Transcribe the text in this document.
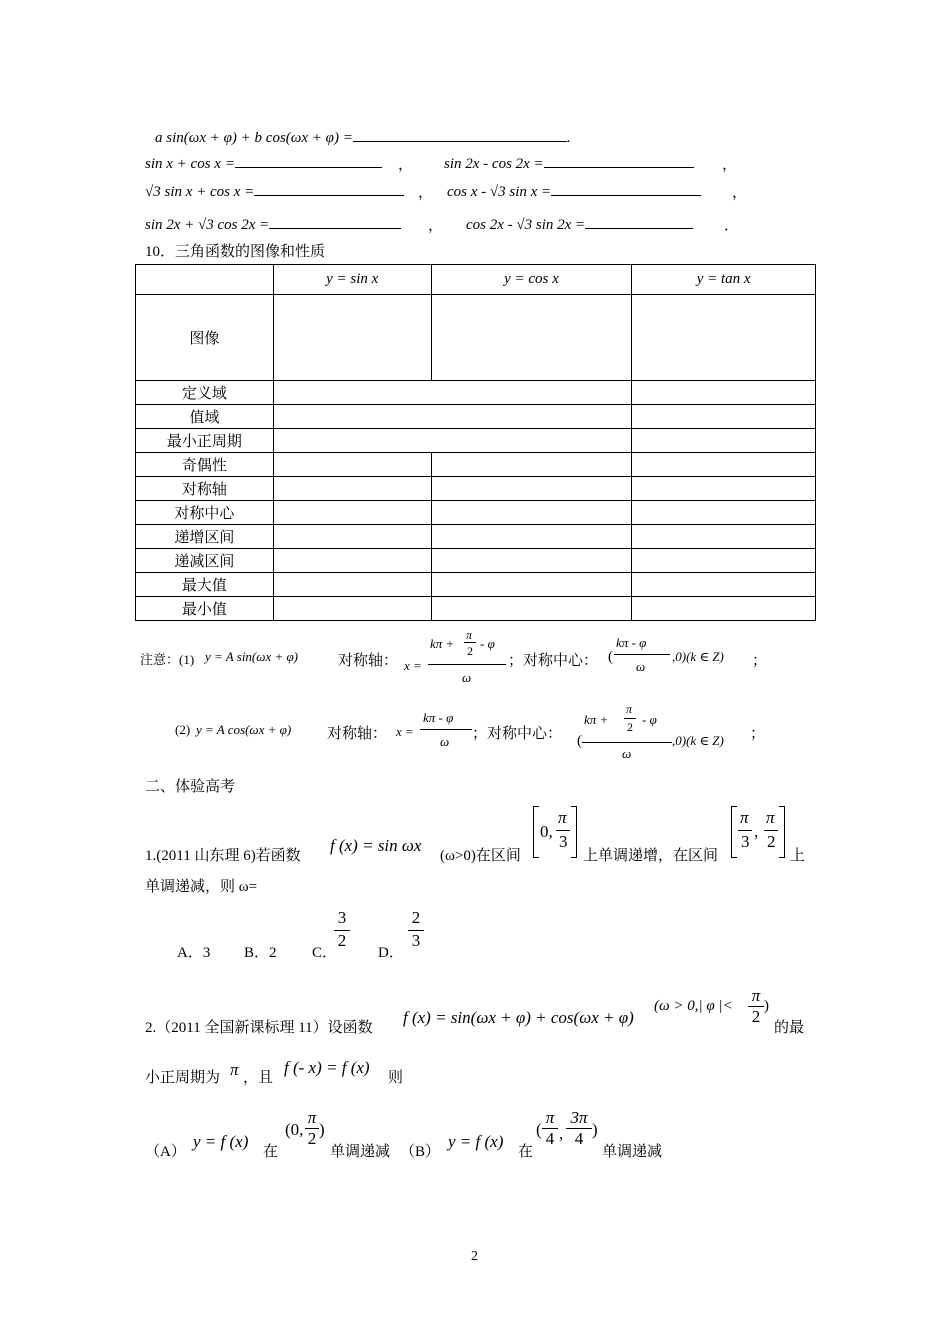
a sin(ωx + φ) + b cos(ωx + φ) =	.
sin x + cos x =	， sin 2x - cos 2x =	，
√3 sin x + cos x =	， cos x - √3 sin x =	，
sin 2x + √3 cos 2x =	， cos 2x - √3 sin 2x =	．
10．三角函数的图像和性质
	y = sin x	y = cos x	y = tan x
图像			
定义域			
值域			
最小正周期			
奇偶性			
对称轴			
对称中心			
递增区间			
递减区间			
最大值			
最小值			
注意：(1) y = A sin(ωx + φ)	对称轴： x =
kπ +
π
2 - φ
ω
；对称中心： (
kπ - φ
ω
,0)(k ∈ Z) ；
(2) y = A cos(ωx + φ) 对称轴： x =
kπ - φ
ω ；对称中心： (
kπ +
π
2 - φ
ω
,0)(k ∈ Z) ；
二、体验高考
1.(2011 山东理 6)若函数
f (x) = sin ωx
(ω>0)在区间
0,
π
3
上单调递增，在区间
π
3
,
π
2
上
单调递减，则 ω=
A．3 B．2 C．
$\frac{3}{2}$
D．
$\frac{2}{3}$
2.（2011 全国新课标理 11）设函数
f (x) = sin(ωx + φ) + cos(ωx + φ)
(ω > 0,| φ |<
π
2
)
的最
小正周期为 π ，且
f (- x) = f (x)
则
（A）
y = f (x)
在
(0,
π
2 )
单调递减 （B）
y = f (x)
在
( $\frac{\pi}{4}$ , $\frac{3\pi}{4}$ )
单调递减
2
